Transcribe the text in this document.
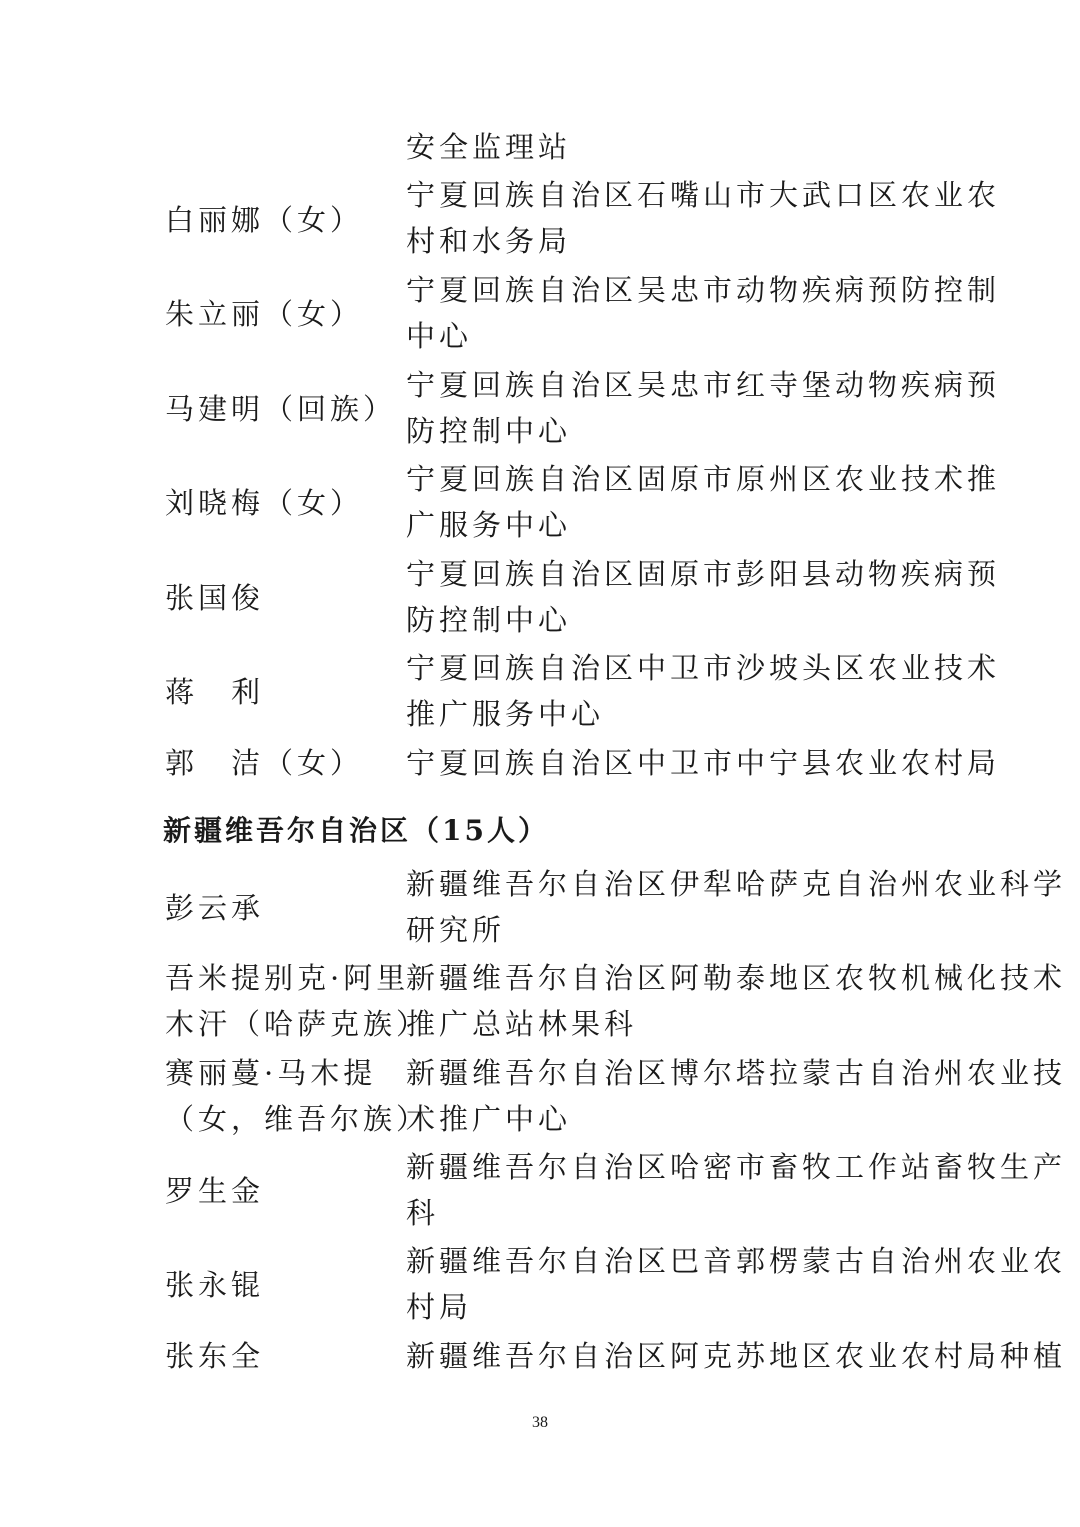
安全监理站
白丽娜（女）
宁夏回族自治区石嘴山市大武口区农业农
村和水务局
朱立丽（女）
宁夏回族自治区吴忠市动物疾病预防控制
中心
马建明（回族）
宁夏回族自治区吴忠市红寺堡动物疾病预
防控制中心
刘晓梅（女）
宁夏回族自治区固原市原州区农业技术推
广服务中心
张国俊
宁夏回族自治区固原市彭阳县动物疾病预
防控制中心
蒋　利
宁夏回族自治区中卫市沙坡头区农业技术
推广服务中心
郭　洁（女） 宁夏回族自治区中卫市中宁县农业农村局
新疆维吾尔自治区（15人）
彭云承
新疆维吾尔自治区伊犁哈萨克自治州农业科学
研究所
吾米提别克·阿里
木汗（哈萨克族）
新疆维吾尔自治区阿勒泰地区农牧机械化技术
推广总站林果科
赛丽蔓·马木提
（女，维吾尔族）
新疆维吾尔自治区博尔塔拉蒙古自治州农业技
术推广中心
罗生金
新疆维吾尔自治区哈密市畜牧工作站畜牧生产
科
张永锟
新疆维吾尔自治区巴音郭楞蒙古自治州农业农
村局
张东全	新疆维吾尔自治区阿克苏地区农业农村局种植
38
